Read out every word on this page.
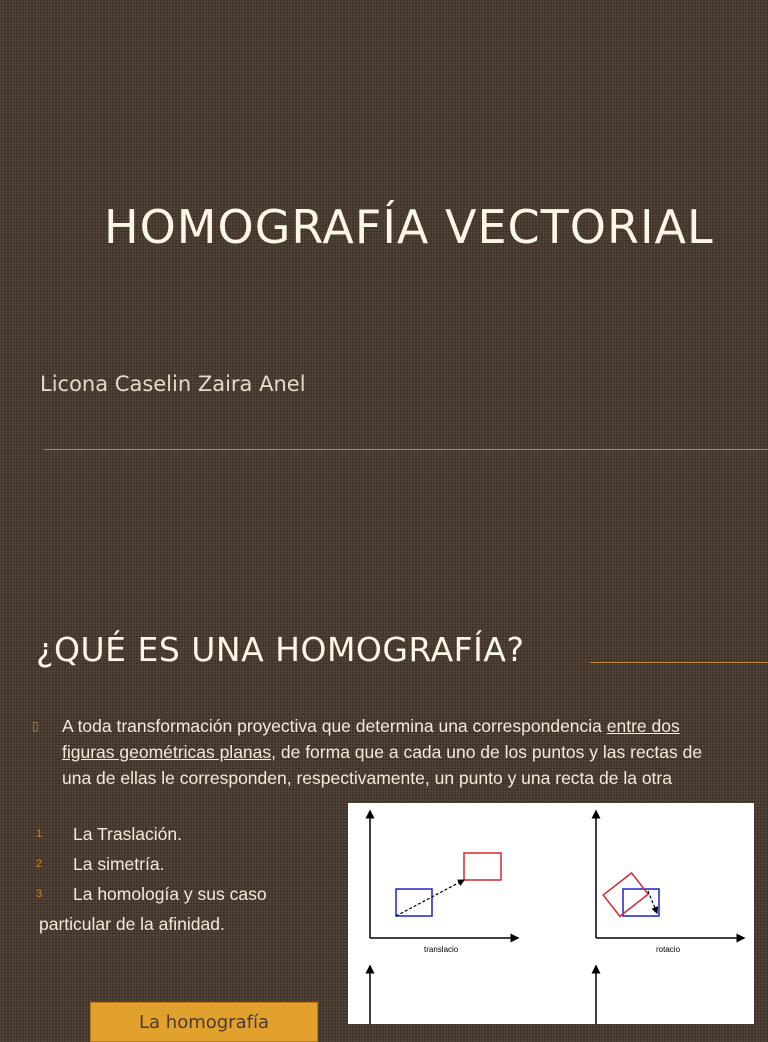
HOMOGRAFÍA VECTORIAL
Licona Caselin Zaira Anel
¿QUÉ ES UNA HOMOGRAFÍA?
▯	A toda transformación proyectiva que determina una correspondencia entre dos figuras geométricas planas, de forma que a cada uno de los puntos y las rectas de una de ellas le corresponden, respectivamente, un punto y una recta de la otra
1	La Traslación.
2	La simetría.
3	La homología y sus caso
particular de la afinidad.
translacio	rotacio
La homografía
